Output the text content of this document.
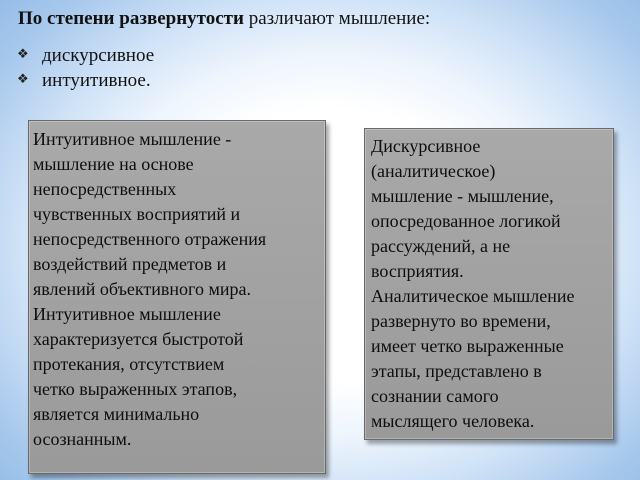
По степени развернутости различают мышление:

❖ дискурсивное
❖ интуитивное.
Интуитивное мышление -
мышление на основе
непосредственных
чувственных восприятий и
непосредственного отражения
воздействий предметов и
явлений объективного мира.
Интуитивное мышление
характеризуется быстротой
протекания, отсутствием
четко выраженных этапов,
является минимально
осознанным.
Дискурсивное
(аналитическое)
мышление - мышление,
опосредованное логикой
рассуждений, а не
восприятия.
Аналитическое мышление
развернуто во времени,
имеет четко выраженные
этапы, представлено в
сознании самого
мыслящего человека.
